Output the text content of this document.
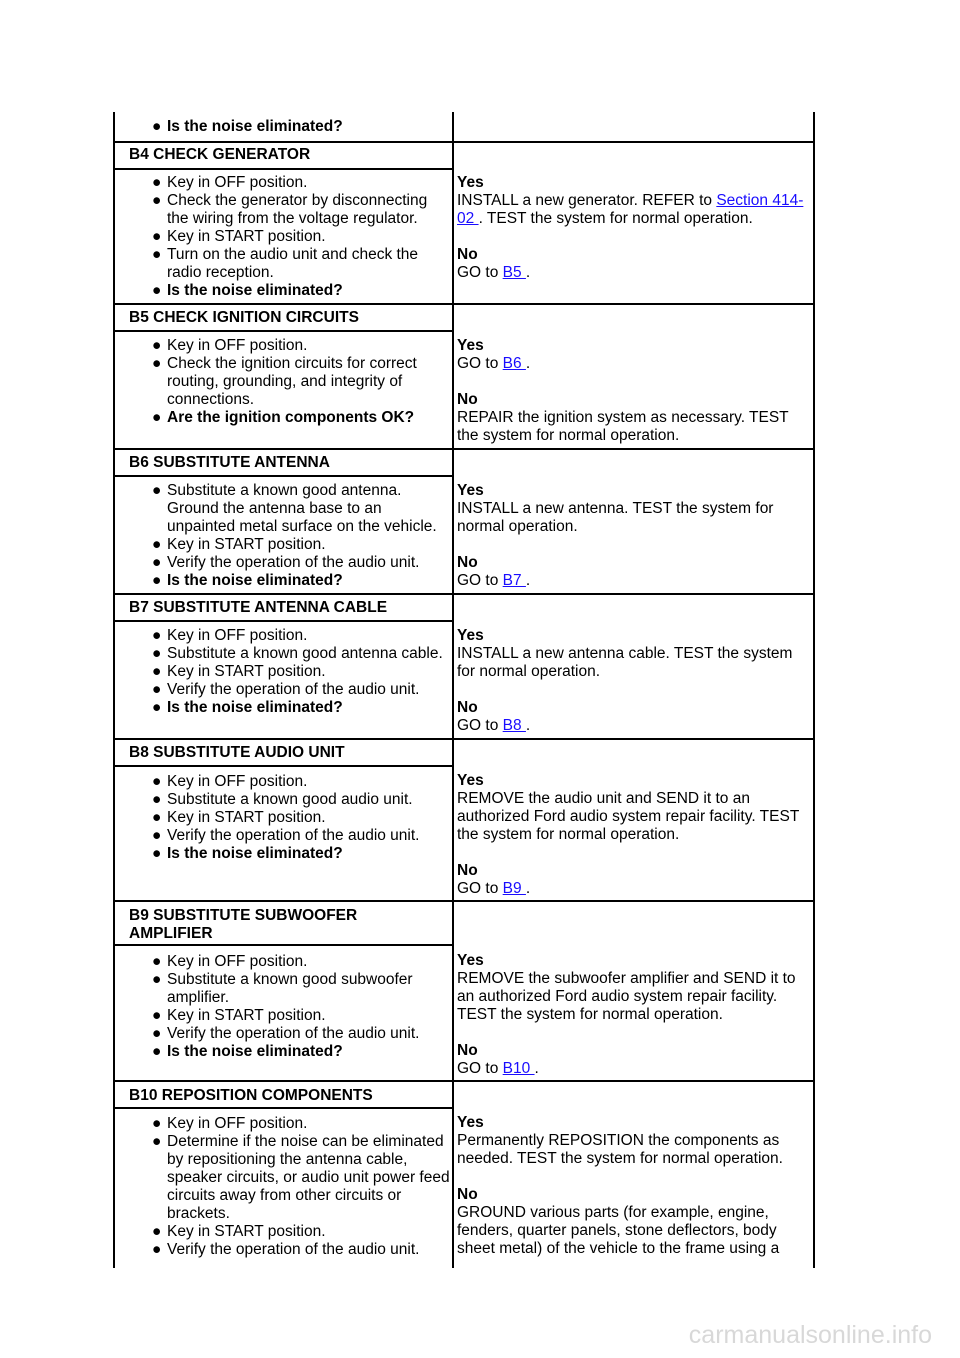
● Is the noise eliminated?
B4 CHECK GENERATOR
● Key in OFF position.
● Check the generator by disconnecting the wiring from the voltage regulator.
● Key in START position.
● Turn on the audio unit and check the radio reception.
● Is the noise eliminated?
Yes
INSTALL a new generator. REFER to Section 414-02 . TEST the system for normal operation.
No
GO to B5 .
B5 CHECK IGNITION CIRCUITS
● Key in OFF position.
● Check the ignition circuits for correct routing, grounding, and integrity of connections.
● Are the ignition components OK?
Yes
GO to B6 .
No
REPAIR the ignition system as necessary. TEST the system for normal operation.
B6 SUBSTITUTE ANTENNA
● Substitute a known good antenna. Ground the antenna base to an unpainted metal surface on the vehicle.
● Key in START position.
● Verify the operation of the audio unit.
● Is the noise eliminated?
Yes
INSTALL a new antenna. TEST the system for normal operation.
No
GO to B7 .
B7 SUBSTITUTE ANTENNA CABLE
● Key in OFF position.
● Substitute a known good antenna cable.
● Key in START position.
● Verify the operation of the audio unit.
● Is the noise eliminated?
Yes
INSTALL a new antenna cable. TEST the system for normal operation.
No
GO to B8 .
B8 SUBSTITUTE AUDIO UNIT
● Key in OFF position.
● Substitute a known good audio unit.
● Key in START position.
● Verify the operation of the audio unit.
● Is the noise eliminated?
Yes
REMOVE the audio unit and SEND it to an authorized Ford audio system repair facility. TEST the system for normal operation.
No
GO to B9 .
B9 SUBSTITUTE SUBWOOFER AMPLIFIER
● Key in OFF position.
● Substitute a known good subwoofer amplifier.
● Key in START position.
● Verify the operation of the audio unit.
● Is the noise eliminated?
Yes
REMOVE the subwoofer amplifier and SEND it to an authorized Ford audio system repair facility. TEST the system for normal operation.
No
GO to B10 .
B10 REPOSITION COMPONENTS
● Key in OFF position.
● Determine if the noise can be eliminated by repositioning the antenna cable, speaker circuits, or audio unit power feed circuits away from other circuits or brackets.
● Key in START position.
● Verify the operation of the audio unit.
Yes
Permanently REPOSITION the components as needed. TEST the system for normal operation.
No
GROUND various parts (for example, engine, fenders, quarter panels, stone deflectors, body sheet metal) of the vehicle to the frame using a
carmanualsonline.info
